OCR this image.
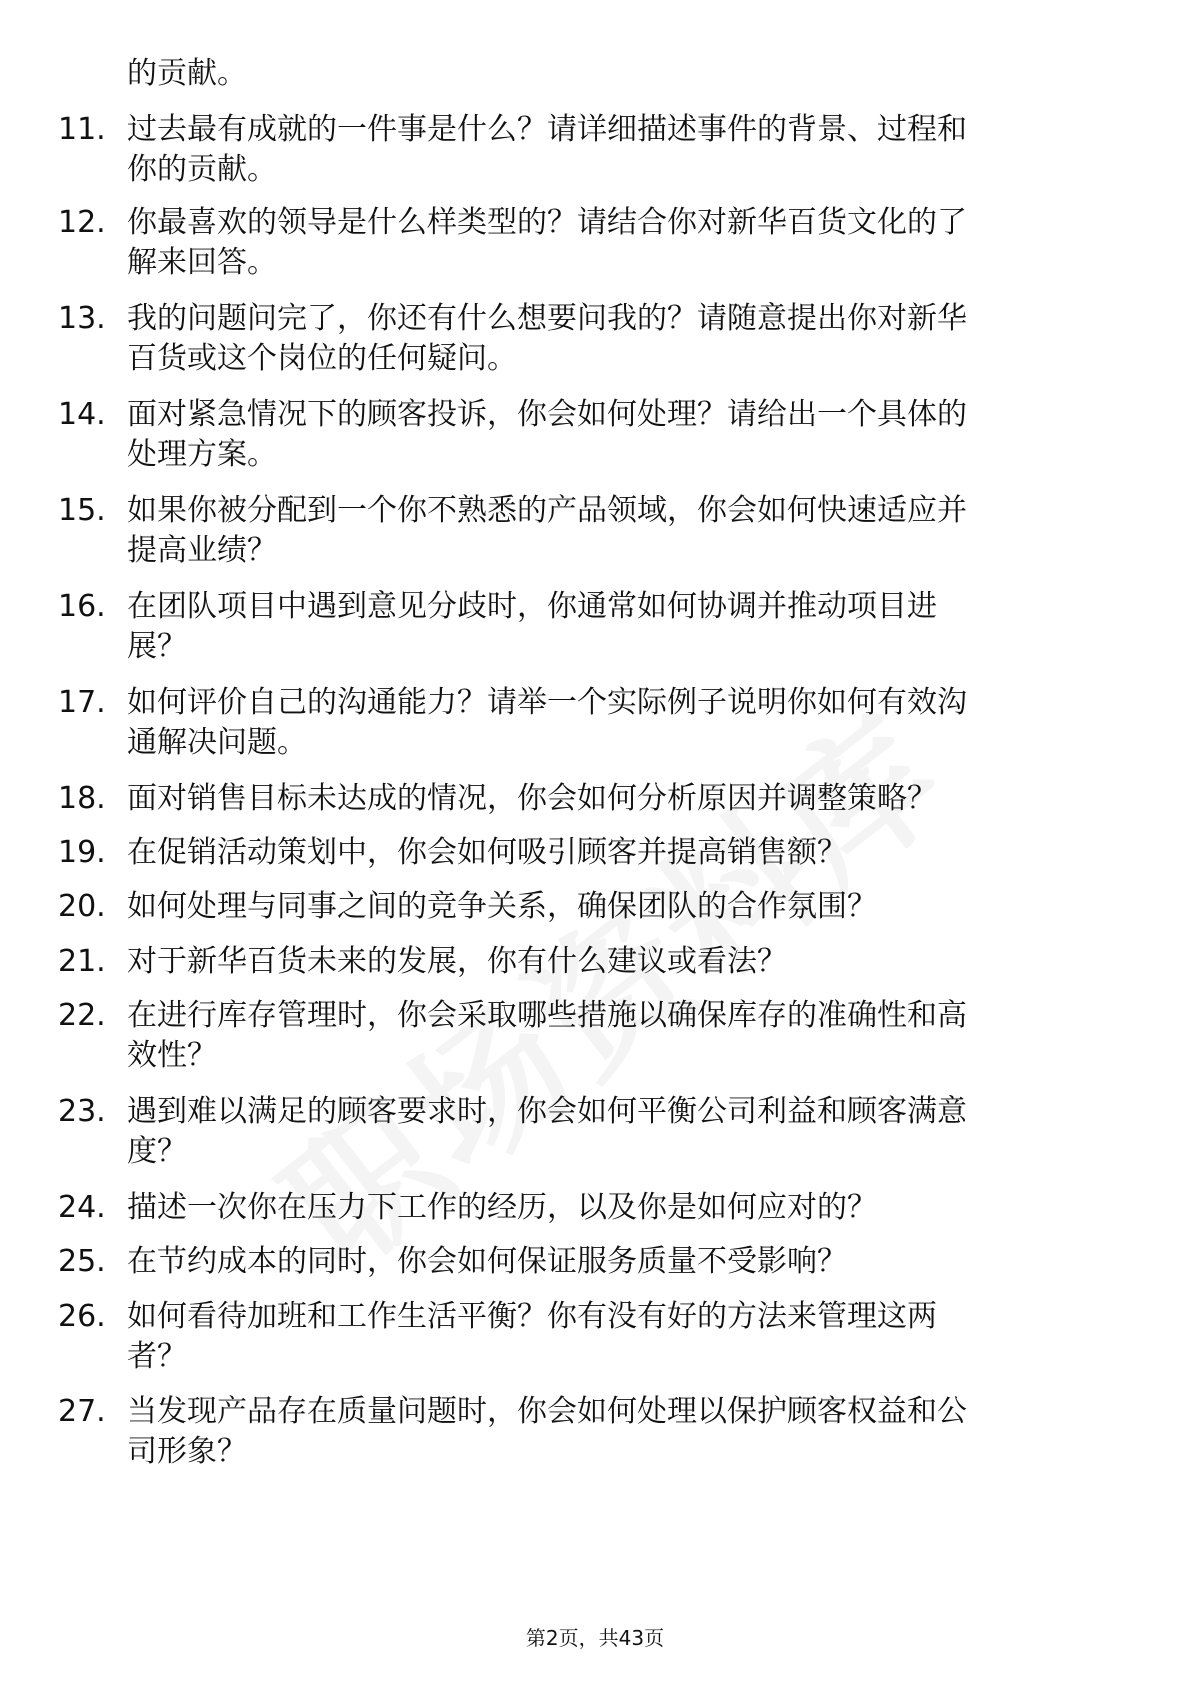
的贡献。
11. 过去最有成就的一件事是什么？请详细描述事件的背景、过程和
你的贡献。
12. 你最喜欢的领导是什么样类型的？请结合你对新华百货文化的了
解来回答。
13. 我的问题问完了，你还有什么想要问我的？请随意提出你对新华
百货或这个岗位的任何疑问。
14. 面对紧急情况下的顾客投诉，你会如何处理？请给出一个具体的
处理方案。
15. 如果你被分配到一个你不熟悉的产品领域，你会如何快速适应并
提高业绩？
16. 在团队项目中遇到意见分歧时，你通常如何协调并推动项目进
展？
17. 如何评价自己的沟通能力？请举一个实际例子说明你如何有效沟
通解决问题。
18. 面对销售目标未达成的情况，你会如何分析原因并调整策略？
19. 在促销活动策划中，你会如何吸引顾客并提高销售额？
20. 如何处理与同事之间的竞争关系，确保团队的合作氛围？
21. 对于新华百货未来的发展，你有什么建议或看法？
22. 在进行库存管理时，你会采取哪些措施以确保库存的准确性和高
效性？
23. 遇到难以满足的顾客要求时，你会如何平衡公司利益和顾客满意
度？
24. 描述一次你在压力下工作的经历，以及你是如何应对的？
25. 在节约成本的同时，你会如何保证服务质量不受影响？
26. 如何看待加班和工作生活平衡？你有没有好的方法来管理这两
者？
27. 当发现产品存在质量问题时，你会如何处理以保护顾客权益和公
司形象？
第2页，共43页
